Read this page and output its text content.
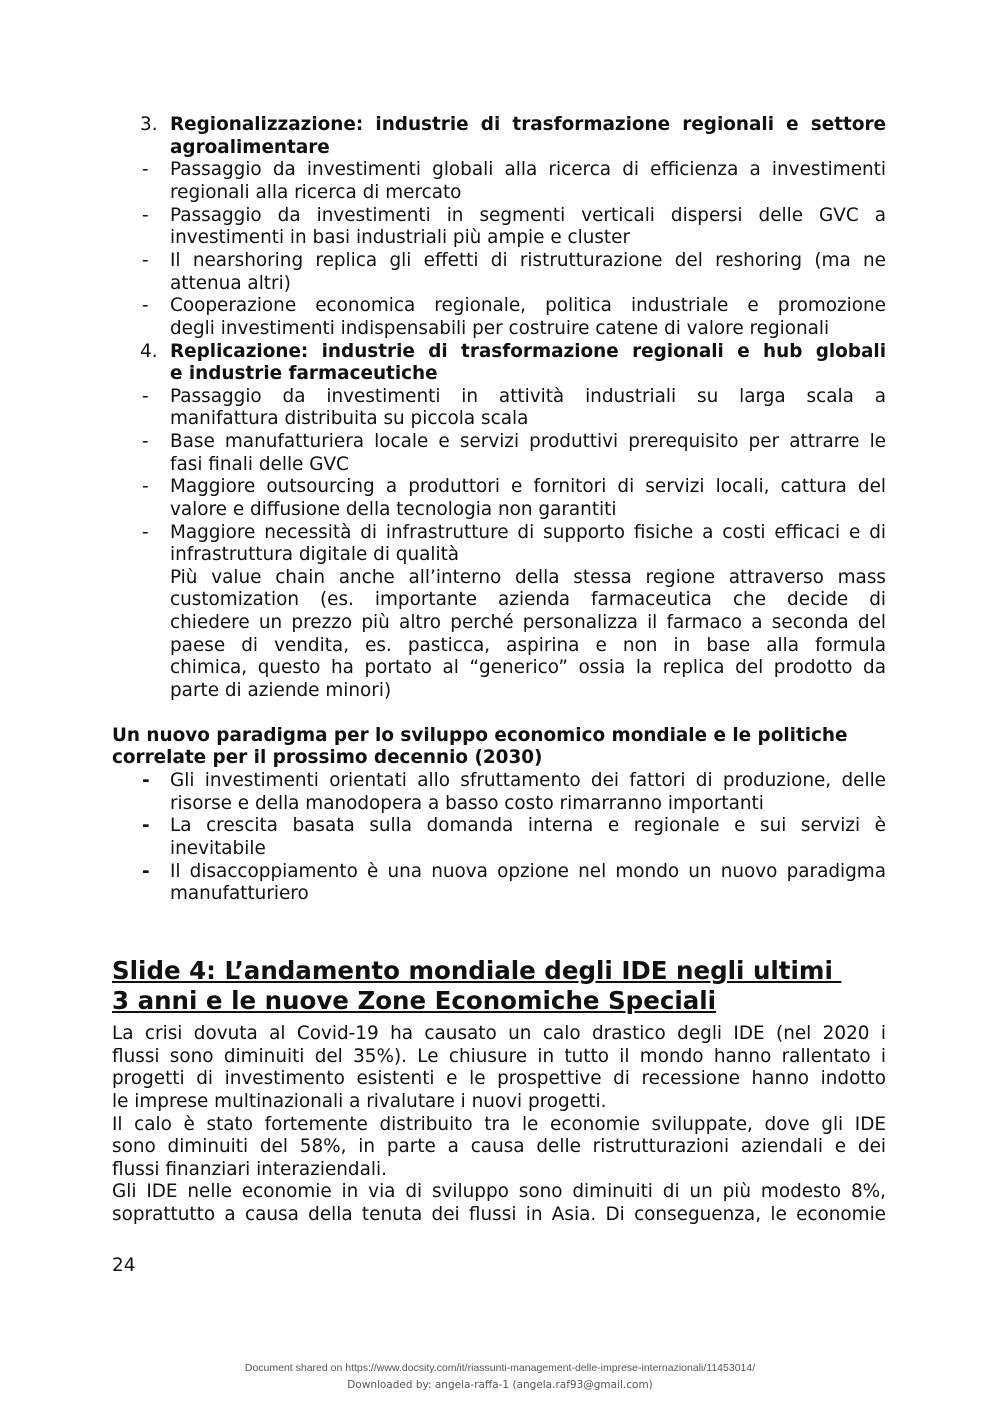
3. Regionalizzazione: industrie di trasformazione regionali e settore
agroalimentare
- Passaggio da investimenti globali alla ricerca di efficienza a investimenti
regionali alla ricerca di mercato
- Passaggio da investimenti in segmenti verticali dispersi delle GVC a
investimenti in basi industriali più ampie e cluster
- Il nearshoring replica gli effetti di ristrutturazione del reshoring (ma ne
attenua altri)
- Cooperazione economica regionale, politica industriale e promozione
degli investimenti indispensabili per costruire catene di valore regionali
4. Replicazione: industrie di trasformazione regionali e hub globali
e industrie farmaceutiche
- Passaggio da investimenti in attività industriali su larga scala a
manifattura distribuita su piccola scala
- Base manufatturiera locale e servizi produttivi prerequisito per attrarre le
fasi finali delle GVC
- Maggiore outsourcing a produttori e fornitori di servizi locali, cattura del
valore e diffusione della tecnologia non garantiti
- Maggiore necessità di infrastrutture di supporto fisiche a costi efficaci e di
infrastruttura digitale di qualità
Più value chain anche all’interno della stessa regione attraverso mass
customization (es. importante azienda farmaceutica che decide di
chiedere un prezzo più altro perché personalizza il farmaco a seconda del
paese di vendita, es. pasticca, aspirina e non in base alla formula
chimica, questo ha portato al “generico” ossia la replica del prodotto da
parte di aziende minori)
Un nuovo paradigma per lo sviluppo economico mondiale e le politiche
correlate per il prossimo decennio (2030)
- Gli investimenti orientati allo sfruttamento dei fattori di produzione, delle
risorse e della manodopera a basso costo rimarranno importanti
- La crescita basata sulla domanda interna e regionale e sui servizi è
inevitabile
- Il disaccoppiamento è una nuova opzione nel mondo un nuovo paradigma
manufatturiero
Slide 4: L’andamento mondiale degli IDE negli ultimi
3 anni e le nuove Zone Economiche Speciali
La crisi dovuta al Covid-19 ha causato un calo drastico degli IDE (nel 2020 i
flussi sono diminuiti del 35%). Le chiusure in tutto il mondo hanno rallentato i
progetti di investimento esistenti e le prospettive di recessione hanno indotto
le imprese multinazionali a rivalutare i nuovi progetti.
Il calo è stato fortemente distribuito tra le economie sviluppate, dove gli IDE
sono diminuiti del 58%, in parte a causa delle ristrutturazioni aziendali e dei
flussi finanziari interaziendali.
Gli IDE nelle economie in via di sviluppo sono diminuiti di un più modesto 8%,
soprattutto a causa della tenuta dei flussi in Asia. Di conseguenza, le economie
24
Document shared on https://www.docsity.com/it/riassunti-management-delle-imprese-internazionali/11453014/
Downloaded by: angela-raffa-1 (angela.raf93@gmail.com)
